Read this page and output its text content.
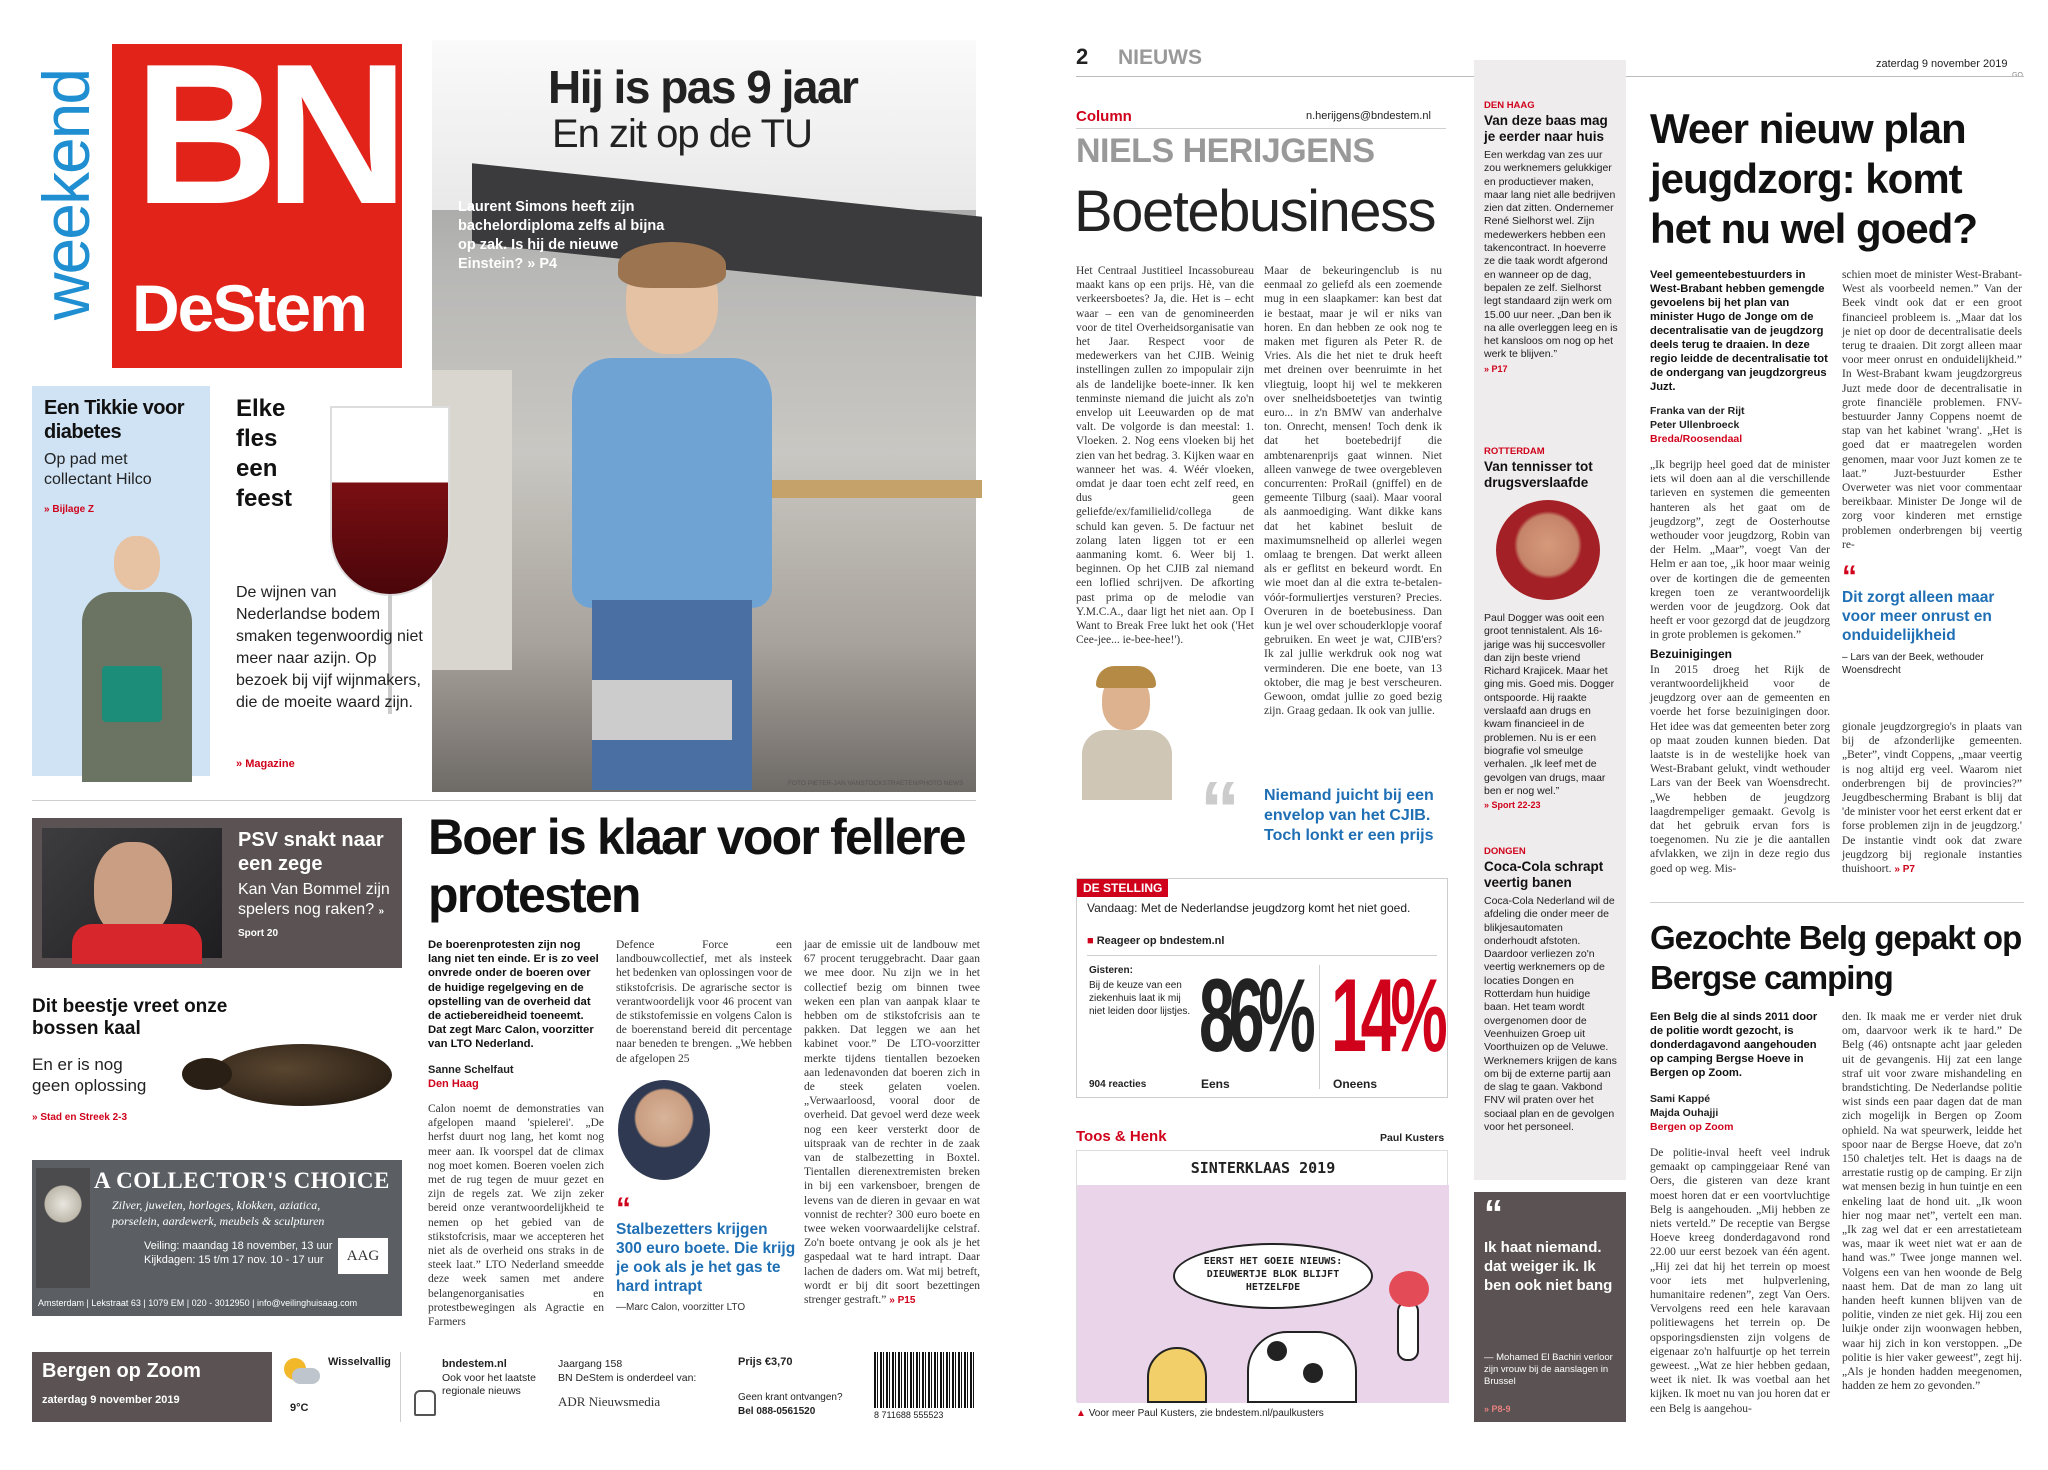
weekend BN
DeStem
Hij is pas 9 jaar
En zit op de TU
Laurent Simons heeft zijn bachelordiploma zelfs al bijna op zak. Is hij de nieuwe Einstein? » P4
FOTO PIETER-JAN VANSTOCKSTRAETEN/PHOTO NEWS
Een Tikkie voor diabetes
Op pad met collectant Hilco
» Bijlage Z
Elke fles een feest
De wijnen van Nederlandse bodem smaken tegenwoordig niet meer naar azijn. Op bezoek bij vijf wijnmakers, die de moeite waard zijn.
» Magazine
PSV snakt naar een zege
Kan Van Bommel zijn spelers nog raken? » Sport 20
Dit beestje vreet onze bossen kaal
En er is nog geen oplossing
» Stad en Streek 2-3
A COLLECTOR'S CHOICE
Zilver, juwelen, horloges, klokken, aziatica,
porselein, aardewerk, meubels & sculpturen
Veiling: maandag 18 november, 13 uur
Kijkdagen: 15 t/m 17 nov. 10 - 17 uur	AAG
Amsterdam | Lekstraat 63 | 1079 EM | 020 - 3012950 | info@veilinghuisaag.com
Boer is klaar voor fellere protesten
De boerenprotesten zijn nog lang niet ten einde. Er is zo veel onvrede onder de boeren over de huidige regelgeving en de opstelling van de overheid dat de actiebereidheid toeneemt. Dat zegt Marc Calon, voorzitter van LTO Nederland.
Sanne Schelfaut
Den Haag
Calon noemt de demonstraties van afgelopen maand 'spielerei'. „De herfst duurt nog lang, het komt nog meer aan. Ik voorspel dat de climax nog moet komen. Boeren voelen zich met de rug tegen de muur gezet en zijn de regels zat. We zijn zeker bereid onze verantwoordelijkheid te nemen op het gebied van de stikstofcrisis, maar we accepteren het niet als de overheid ons straks in de steek laat.” LTO Nederland smeedde deze week samen met andere belangenorganisaties en protestbewegingen als Agractie en Farmers
Defence Force een landbouwcollectief, met als insteek het bedenken van oplossingen voor de stikstofcrisis. De agrarische sector is verantwoordelijk voor 46 procent van de stikstofemissie en volgens Calon is de boerenstand bereid dit percentage naar beneden te brengen. „We hebben de afgelopen 25
“
Stalbezetters krijgen 300 euro boete. Die krijg je ook als je het gas te hard intrapt
—Marc Calon, voorzitter LTO
jaar de emissie uit de landbouw met 67 procent teruggebracht. Daar gaan we mee door. Nu zijn we in het collectief bezig om binnen twee weken een plan van aanpak klaar te hebben om de stikstofcrisis aan te pakken. Dat leggen we aan het kabinet voor.” De LTO-voorzitter merkte tijdens tientallen bezoeken aan ledenavonden dat boeren zich in de steek gelaten voelen. „Verwaarloosd, vooral door de overheid. Dat gevoel werd deze week nog een keer versterkt door de uitspraak van de rechter in de zaak van de stalbezetting in Boxtel. Tientallen dierenextremisten breken in bij een varkensboer, brengen de levens van de dieren in gevaar en wat vonnist de rechter? 300 euro boete en twee weken voorwaardelijke celstraf. Zo'n boete ontvang je ook als je het gaspedaal wat te hard intrapt. Daar lachen de daders om. Wat mij betreft, wordt er bij dit soort bezettingen strenger gestraft.” » P15
Bergen op Zoom
zaterdag 9 november 2019
Wisselvallig
9°C
bndestem.nl
Ook voor het laatste regionale nieuws
Jaargang 158
BN DeStem is onderdeel van:
ADR Nieuwsmedia
Prijs €3,70
Geen krant ontvangen?
Bel 088-0561520	8 711688 555523
2 NIEUWS	zaterdag 9 november 2019
Column	n.herijgens@bndestem.nl
NIELS HERIJGENS
Boetebusiness
Het Centraal Justitieel Incassobureau maakt kans op een prijs. Hè, van die verkeersboetes? Ja, die. Het is – echt waar – een van de genomineerden voor de titel Overheidsorganisatie van het Jaar. Respect voor de medewerkers van het CJIB. Weinig instellingen zullen zo impopulair zijn als de landelijke boete-inner. Ik ken tenminste niemand die juicht als zo'n envelop uit Leeuwarden op de mat valt. De volgorde is dan meestal: 1. Vloeken. 2. Nog eens vloeken bij het zien van het bedrag. 3. Kijken waar en wanneer het was. 4. Wéér vloeken, omdat je daar toen echt zelf reed, en dus geen geliefde/ex/familielid/collega de schuld kan geven. 5. De factuur net zolang laten liggen tot er een aanmaning komt. 6. Weer bij 1. beginnen. Op het CJIB zal niemand een loflied schrijven. De afkorting past prima op de melodie van Y.M.C.A., daar ligt het niet aan. Op I Want to Break Free lukt het ook ('Het Cee-jee... ie-bee-hee!').
Maar de bekeuringenclub is nu eenmaal zo geliefd als een zoemende mug in een slaapkamer: kan best dat ie bestaat, maar je wil er niks van horen. En dan hebben ze ook nog te maken met figuren als Peter R. de Vries. Als die het niet te druk heeft met dreinen over beenruimte in het vliegtuig, loopt hij wel te mekkeren over snelheidsboetetjes van twintig euro... in z'n BMW van anderhalve ton. Onrecht, mensen! Toch denk ik dat het boetebedrijf die ambtenarenprijs gaat winnen. Niet alleen vanwege de twee overgebleven concurrenten: ProRail (gniffel) en de gemeente Tilburg (saai). Maar vooral als aanmoediging. Want dikke kans dat het kabinet besluit de maximumsnelheid op allerlei wegen omlaag te brengen. Dat werkt alleen als er geflitst en bekeurd wordt. En wie moet dan al die extra te-betalen-vóór-formuliertjes versturen? Precies. Overuren in de boetebusiness. Dan kun je wel over schouderklopje vooraf gebruiken. En weet je wat, CJIB'ers? Ik zal jullie werkdruk ook nog wat verminderen. Die ene boete, van 13 oktober, die mag je best verscheuren. Gewoon, omdat jullie zo goed bezig zijn. Graag gedaan. Ik ook van jullie.
“ Niemand juicht bij een envelop van het CJIB. Toch lonkt er een prijs
DE STELLING
Vandaag: Met de Nederlandse jeugdzorg komt het niet goed.
■ Reageer op bndestem.nl
Gisteren:
Bij de keuze van een ziekenhuis laat ik mij niet leiden door lijstjes.
904 reacties
86%
Eens
14%
Oneens
Toos & Henk	Paul Kusters
SINTERKLAAS 2019
EERST HET GOEIE NIEUWS: DIEUWERTJE BLOK BLIJFT HETZELFDE
▲ Voor meer Paul Kusters, zie bndestem.nl/paulkusters
DEN HAAG
Van deze baas mag je eerder naar huis
Een werkdag van zes uur zou werknemers gelukkiger en productiever maken, maar lang niet alle bedrijven zien dat zitten. Ondernemer René Sielhorst wel. Zijn medewerkers hebben een takencontract. In hoeverre ze die taak wordt afgerond en wanneer op de dag, bepalen ze zelf. Sielhorst legt standaard zijn werk om 15.00 uur neer. „Dan ben ik na alle overleggen leeg en is het kansloos om nog op het werk te blijven.”
» P17
ROTTERDAM
Van tennisser tot drugsverslaafde
Paul Dogger was ooit een groot tennistalent. Als 16-jarige was hij succesvoller dan zijn beste vriend Richard Krajicek. Maar het ging mis. Goed mis. Dogger ontspoorde. Hij raakte verslaafd aan drugs en kwam financieel in de problemen. Nu is er een biografie vol smeulge verhalen. „Ik leef met de gevolgen van drugs, maar ben er nog wel.”
» Sport 22-23
DONGEN
Coca-Cola schrapt veertig banen
Coca-Cola Nederland wil de afdeling die onder meer de blikjesautomaten onderhoudt afstoten. Daardoor verliezen zo'n veertig werknemers op de locaties Dongen en Rotterdam hun huidige baan. Het team wordt overgenomen door de Veenhuizen Groep uit Voorthuizen op de Veluwe. Werknemers krijgen de kans om bij de externe partij aan de slag te gaan. Vakbond FNV wil praten over het sociaal plan en de gevolgen voor het personeel.
“
Ik haat niemand. dat weiger ik. Ik ben ook niet bang
— Mohamed El Bachiri verloor zijn vrouw bij de aanslagen in Brussel
» P8-9
Weer nieuw plan jeugdzorg: komt het nu wel goed?
Veel gemeentebestuurders in West-Brabant hebben gemengde gevoelens bij het plan van minister Hugo de Jonge om de decentralisatie van de jeugdzorg deels terug te draaien. In deze regio leidde de decentralisatie tot de ondergang van jeugdzorgreus Juzt.
Franka van der Rijt
Peter Ullenbroeck
Breda/Roosendaal
„Ik begrijp heel goed dat de minister iets wil doen aan al die verschillende tarieven en systemen die gemeenten hanteren als het gaat om de jeugdzorg”, zegt de Oosterhoutse wethouder voor jeugdzorg, Robin van der Helm. „Maar”, voegt Van der Helm er aan toe, „ik hoor maar weinig over de kortingen die de gemeenten kregen toen ze verantwoordelijk werden voor de jeugdzorg. Ook dat heeft er voor gezorgd dat de jeugdzorg in grote problemen is gekomen.”
Bezuinigingen
In 2015 droeg het Rijk de verantwoordelijkheid voor de jeugdzorg over aan de gemeenten en voerde het forse bezuinigingen door. Het idee was dat gemeenten beter zorg op maat zouden kunnen bieden. Dat laatste is in de westelijke hoek van West-Brabant gelukt, vindt wethouder Lars van der Beek van Woensdrecht. „We hebben de jeugdzorg laagdrempeliger gemaakt. Gevolg is dat het gebruik ervan fors is toegenomen. Nu zie je die aantallen afvlakken, we zijn in deze regio dus goed op weg. Mis-
schien moet de minister West-Brabant-West als voorbeeld nemen.” Van der Beek vindt ook dat er een groot financieel probleem is. „Maar dat los je niet op door de decentralisatie deels terug te draaien. Dit zorgt alleen maar voor meer onrust en onduidelijkheid.” In West-Brabant kwam jeugdzorgreus Juzt mede door de decentralisatie in grote financiële problemen. FNV-bestuurder Janny Coppens noemt de stap van het kabinet 'wrang'. „Het is goed dat er maatregelen worden genomen, maar voor Juzt komen ze te laat.” Juzt-bestuurder Esther Overweter was niet voor commentaar bereikbaar. Minister De Jonge wil de zorg voor kinderen met ernstige problemen onderbrengen bij veertig re-
“
Dit zorgt alleen maar voor meer onrust en onduidelijkheid
– Lars van der Beek, wethouder Woensdrecht
gionale jeugdzorgregio's in plaats van bij de afzonderlijke gemeenten. „Beter”, vindt Coppens, „maar veertig is nog altijd erg veel. Waarom niet onderbrengen bij de provincies?” Jeugdbescherming Brabant is blij dat 'de minister voor het eerst erkent dat er forse problemen zijn in de jeugdzorg.' De instantie vindt ook dat zware jeugdzorg bij regionale instanties thuishoort. » P7
Gezochte Belg gepakt op Bergse camping
Een Belg die al sinds 2011 door de politie wordt gezocht, is donderdagavond aangehouden op camping Bergse Hoeve in Bergen op Zoom.
Sami Kappé
Majda Ouhajji
Bergen op Zoom
De politie-inval heeft veel indruk gemaakt op campinggeiaar René van Oers, die gisteren van deze krant moest horen dat er een voortvluchtige Belg is aangehouden. „Mij hebben ze niets verteld.” De receptie van Bergse Hoeve kreeg donderdagavond rond 22.00 uur eerst bezoek van één agent. „Hij zei dat hij het terrein op moest voor iets met hulpverlening, humanitaire redenen”, zegt Van Oers. Vervolgens reed een hele karavaan politiewagens het terrein op. De opsporingsdiensten zijn volgens de eigenaar zo'n halfuurtje op het terrein geweest. „Wat ze hier hebben gedaan, weet ik niet. Ik was voetbal aan het kijken. Ik moet nu van jou horen dat er een Belg is aangehou-
den. Ik maak me er verder niet druk om, daarvoor werk ik te hard.” De Belg (46) ontsnapte acht jaar geleden uit de gevangenis. Hij zat een lange straf uit voor zware mishandeling en brandstichting. De Nederlandse politie wist sinds een paar dagen dat de man zich mogelijk in Bergen op Zoom ophield. Na wat speurwerk, leidde het spoor naar de Bergse Hoeve, dat zo'n 150 chaletjes telt. Het is daags na de arrestatie rustig op de camping. Er zijn wat mensen bezig in hun tuintje en een enkeling laat de hond uit. „Ik woon hier nog maar net”, vertelt een man. „Ik zag wel dat er een arrestatieteam was, maar ik weet niet wat er aan de hand was.” Twee jonge mannen wel. Volgens een van hen woonde de Belg naast hem. Dat de man zo lang uit handen heeft kunnen blijven van de politie, vinden ze niet gek. Hij zou een luikje onder zijn woonwagen hebben, waar hij zich in kon verstoppen. „De politie is hier vaker geweest”, zegt hij. „Als je honden hadden meegenomen, hadden ze hem zo gevonden.”
